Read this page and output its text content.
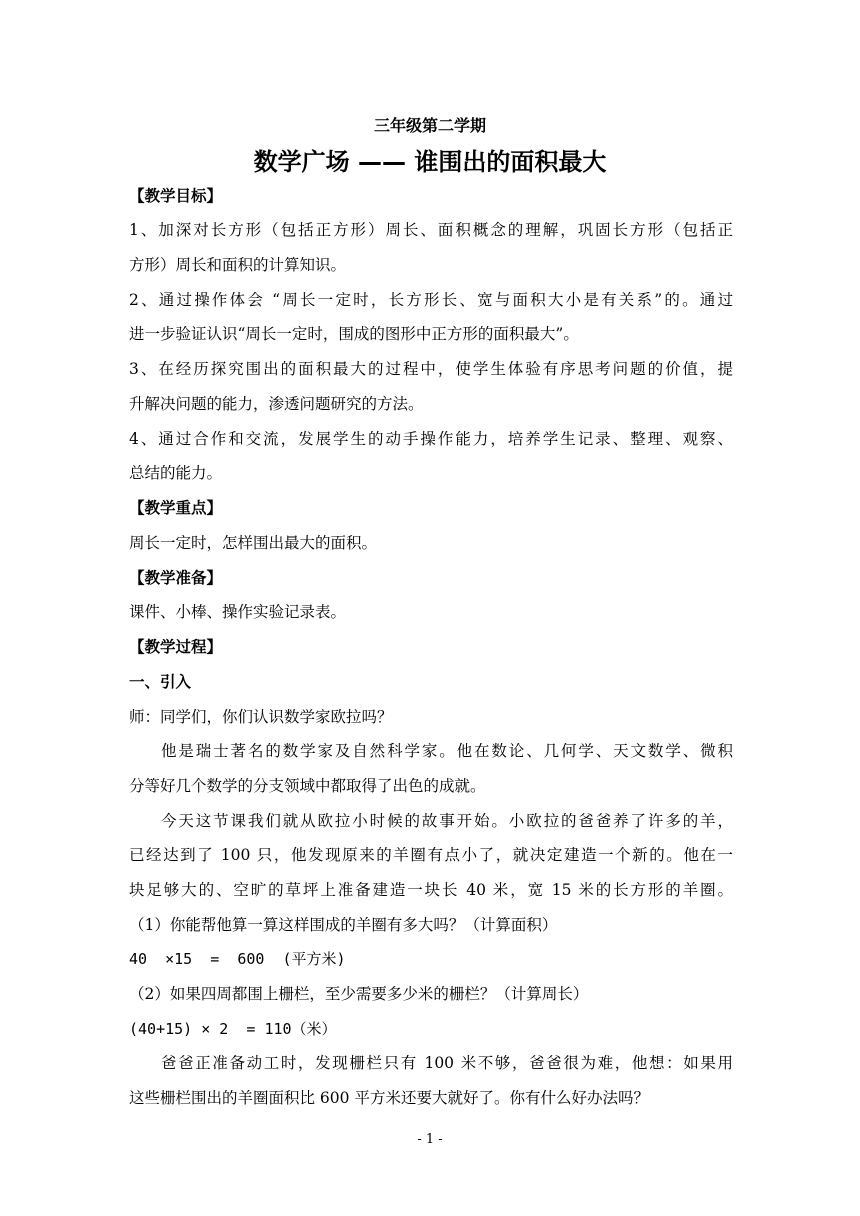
三年级第二学期
数学广场 —— 谁围出的面积最大
【教学目标】
1、加深对长方形（包括正方形）周长、面积概念的理解，巩固长方形（包括正
方形）周长和面积的计算知识。
2、通过操作体会 “周长一定时，长方形长、宽与面积大小是有关系”的。通过
进一步验证认识“周长一定时，围成的图形中正方形的面积最大”。
3、在经历探究围出的面积最大的过程中，使学生体验有序思考问题的价值，提
升解决问题的能力，渗透问题研究的方法。
4、通过合作和交流，发展学生的动手操作能力，培养学生记录、整理、观察、
总结的能力。
【教学重点】
周长一定时，怎样围出最大的面积。
【教学准备】
课件、小棒、操作实验记录表。
【教学过程】
一、引入
师：同学们，你们认识数学家欧拉吗？
他是瑞士著名的数学家及自然科学家。他在数论、几何学、天文数学、微积
分等好几个数学的分支领域中都取得了出色的成就。
今天这节课我们就从欧拉小时候的故事开始。小欧拉的爸爸养了许多的羊，
已经达到了 100 只，他发现原来的羊圈有点小了，就决定建造一个新的。他在一
块足够大的、空旷的草坪上准备建造一块长 40 米，宽 15 米的长方形的羊圈。
（1）你能帮他算一算这样围成的羊圈有多大吗？（计算面积）
40  ×15  =  600  (平方米)
（2）如果四周都围上栅栏，至少需要多少米的栅栏？（计算周长）
(40+15) × 2  = 110（米）
爸爸正准备动工时，发现栅栏只有 100 米不够，爸爸很为难，他想：如果用
这些栅栏围出的羊圈面积比 600 平方米还要大就好了。你有什么好办法吗？
- 1 -
